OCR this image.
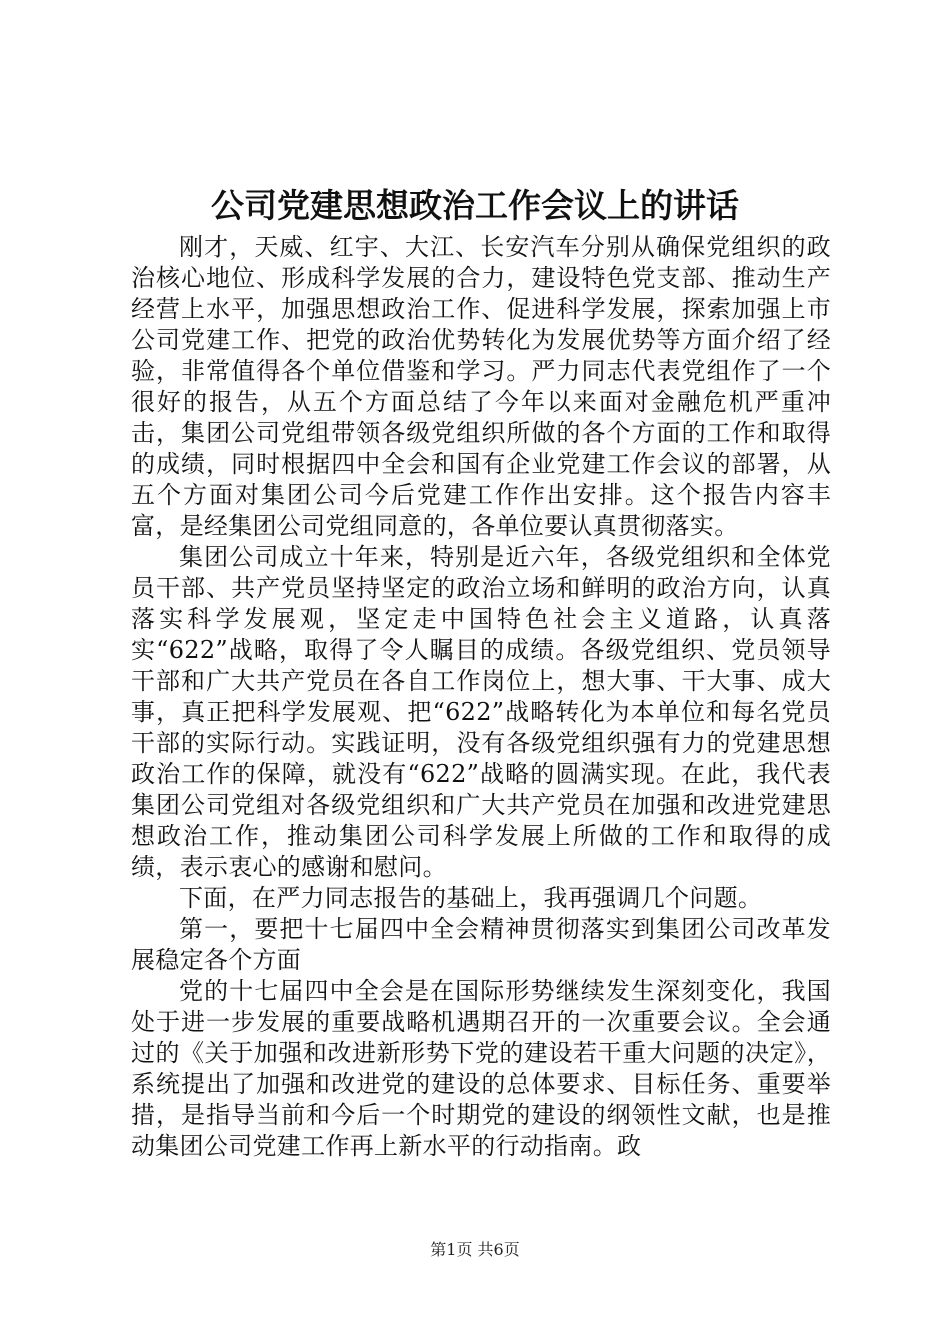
公司党建思想政治工作会议上的讲话

刚才，天威、红宇、大江、长安汽车分别从确保党组织的政治核心地位、形成科学发展的合力，建设特色党支部、推动生产经营上水平，加强思想政治工作、促进科学发展，探索加强上市公司党建工作、把党的政治优势转化为发展优势等方面介绍了经验，非常值得各个单位借鉴和学习。严力同志代表党组作了一个很好的报告，从五个方面总结了今年以来面对金融危机严重冲击，集团公司党组带领各级党组织所做的各个方面的工作和取得的成绩，同时根据四中全会和国有企业党建工作会议的部署，从五个方面对集团公司今后党建工作作出安排。这个报告内容丰富，是经集团公司党组同意的，各单位要认真贯彻落实。

集团公司成立十年来，特别是近六年，各级党组织和全体党员干部、共产党员坚持坚定的政治立场和鲜明的政治方向，认真落实科学发展观，坚定走中国特色社会主义道路，认真落实“622”战略，取得了令人瞩目的成绩。各级党组织、党员领导干部和广大共产党员在各自工作岗位上，想大事、干大事、成大事，真正把科学发展观、把“622”战略转化为本单位和每名党员干部的实际行动。实践证明，没有各级党组织强有力的党建思想政治工作的保障，就没有“622”战略的圆满实现。在此，我代表集团公司党组对各级党组织和广大共产党员在加强和改进党建思想政治工作，推动集团公司科学发展上所做的工作和取得的成绩，表示衷心的感谢和慰问。

下面，在严力同志报告的基础上，我再强调几个问题。

第一，要把十七届四中全会精神贯彻落实到集团公司改革发展稳定各个方面

党的十七届四中全会是在国际形势继续发生深刻变化，我国处于进一步发展的重要战略机遇期召开的一次重要会议。全会通过的《关于加强和改进新形势下党的建设若干重大问题的决定》，系统提出了加强和改进党的建设的总体要求、目标任务、重要举措，是指导当前和今后一个时期党的建设的纲领性文献，也是推动集团公司党建工作再上新水平的行动指南。政

第1页 共6页
